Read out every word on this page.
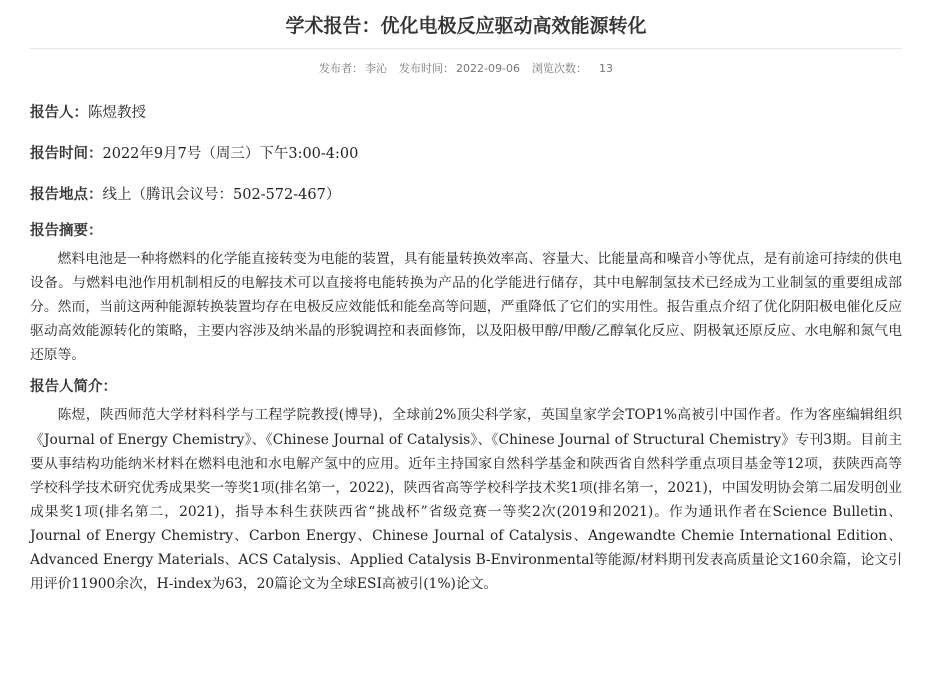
学术报告：优化电极反应驱动高效能源转化
发布者： 李沁 发布时间： 2022-09-06 浏览次数： 13
报告人：陈煜教授
报告时间：2022年9月7号（周三）下午3:00-4:00
报告地点：线上（腾讯会议号：502-572-467）
报告摘要：

燃料电池是一种将燃料的化学能直接转变为电能的装置，具有能量转换效率高、容量大、比能量高和噪音小等优点，是有前途可持续的供电设备。与燃料电池作用机制相反的电解技术可以直接将电能转换为产品的化学能进行储存，其中电解制氢技术已经成为工业制氢的重要组成部分。然而，当前这两种能源转换装置均存在电极反应效能低和能垒高等问题，严重降低了它们的实用性。报告重点介绍了优化阴阳极电催化反应驱动高效能源转化的策略，主要内容涉及纳米晶的形貌调控和表面修饰，以及阳极甲醇/甲酸/乙醇氧化反应、阴极氧还原反应、水电解和氮气电还原等。

报告人简介：

陈煜，陕西师范大学材料科学与工程学院教授(博导)，全球前2%顶尖科学家，英国皇家学会TOP1%高被引中国作者。作为客座编辑组织《Journal of Energy Chemistry》、《Chinese Journal of Catalysis》、《Chinese Journal of Structural Chemistry》专刊3期。目前主要从事结构功能纳米材料在燃料电池和水电解产氢中的应用。近年主持国家自然科学基金和陕西省自然科学重点项目基金等12项，获陕西高等学校科学技术研究优秀成果奖一等奖1项(排名第一，2022)，陕西省高等学校科学技术奖1项(排名第一，2021)，中国发明协会第二届发明创业成果奖1项(排名第二，2021)，指导本科生获陕西省“挑战杯”省级竞赛一等奖2次(2019和2021)。作为通讯作者在Science Bulletin、Journal of Energy Chemistry、Carbon Energy、Chinese Journal of Catalysis、Angewandte Chemie International Edition、Advanced Energy Materials、ACS Catalysis、Applied Catalysis B-Environmental等能源/材料期刊发表高质量论文160余篇，论文引用评价11900余次，H-index为63，20篇论文为全球ESI高被引(1%)论文。
